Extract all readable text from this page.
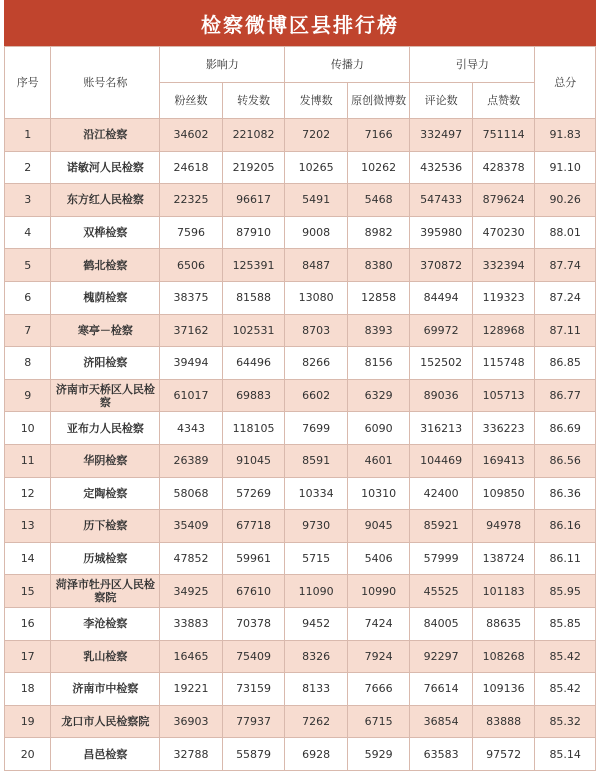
检察微博区县排行榜
序号	账号名称	影响力		传播力		引导力		总分
		粉丝数	转发数	发博数	原创微博数	评论数	点赞数	
1	沿江检察	34602	221082	7202	7166	332497	751114	91.83
2	诺敏河人民检察	24618	219205	10265	10262	432536	428378	91.10
3	东方红人民检察	22325	96617	5491	5468	547433	879624	90.26
4	双桦检察	7596	87910	9008	8982	395980	470230	88.01
5	鹤北检察	6506	125391	8487	8380	370872	332394	87.74
6	槐荫检察	38375	81588	13080	12858	84494	119323	87.24
7	寒亭－检察	37162	102531	8703	8393	69972	128968	87.11
8	济阳检察	39494	64496	8266	8156	152502	115748	86.85
9	济南市天桥区人民检察	61017	69883	6602	6329	89036	105713	86.77
10	亚布力人民检察	4343	118105	7699	6090	316213	336223	86.69
11	华阴检察	26389	91045	8591	4601	104469	169413	86.56
12	定陶检察	58068	57269	10334	10310	42400	109850	86.36
13	历下检察	35409	67718	9730	9045	85921	94978	86.16
14	历城检察	47852	59961	5715	5406	57999	138724	86.11
15	菏泽市牡丹区人民检察院	34925	67610	11090	10990	45525	101183	85.95
16	李沧检察	33883	70378	9452	7424	84005	88635	85.85
17	乳山检察	16465	75409	8326	7924	92297	108268	85.42
18	济南市中检察	19221	73159	8133	7666	76614	109136	85.42
19	龙口市人民检察院	36903	77937	7262	6715	36854	83888	85.32
20	昌邑检察	32788	55879	6928	5929	63583	97572	85.14
